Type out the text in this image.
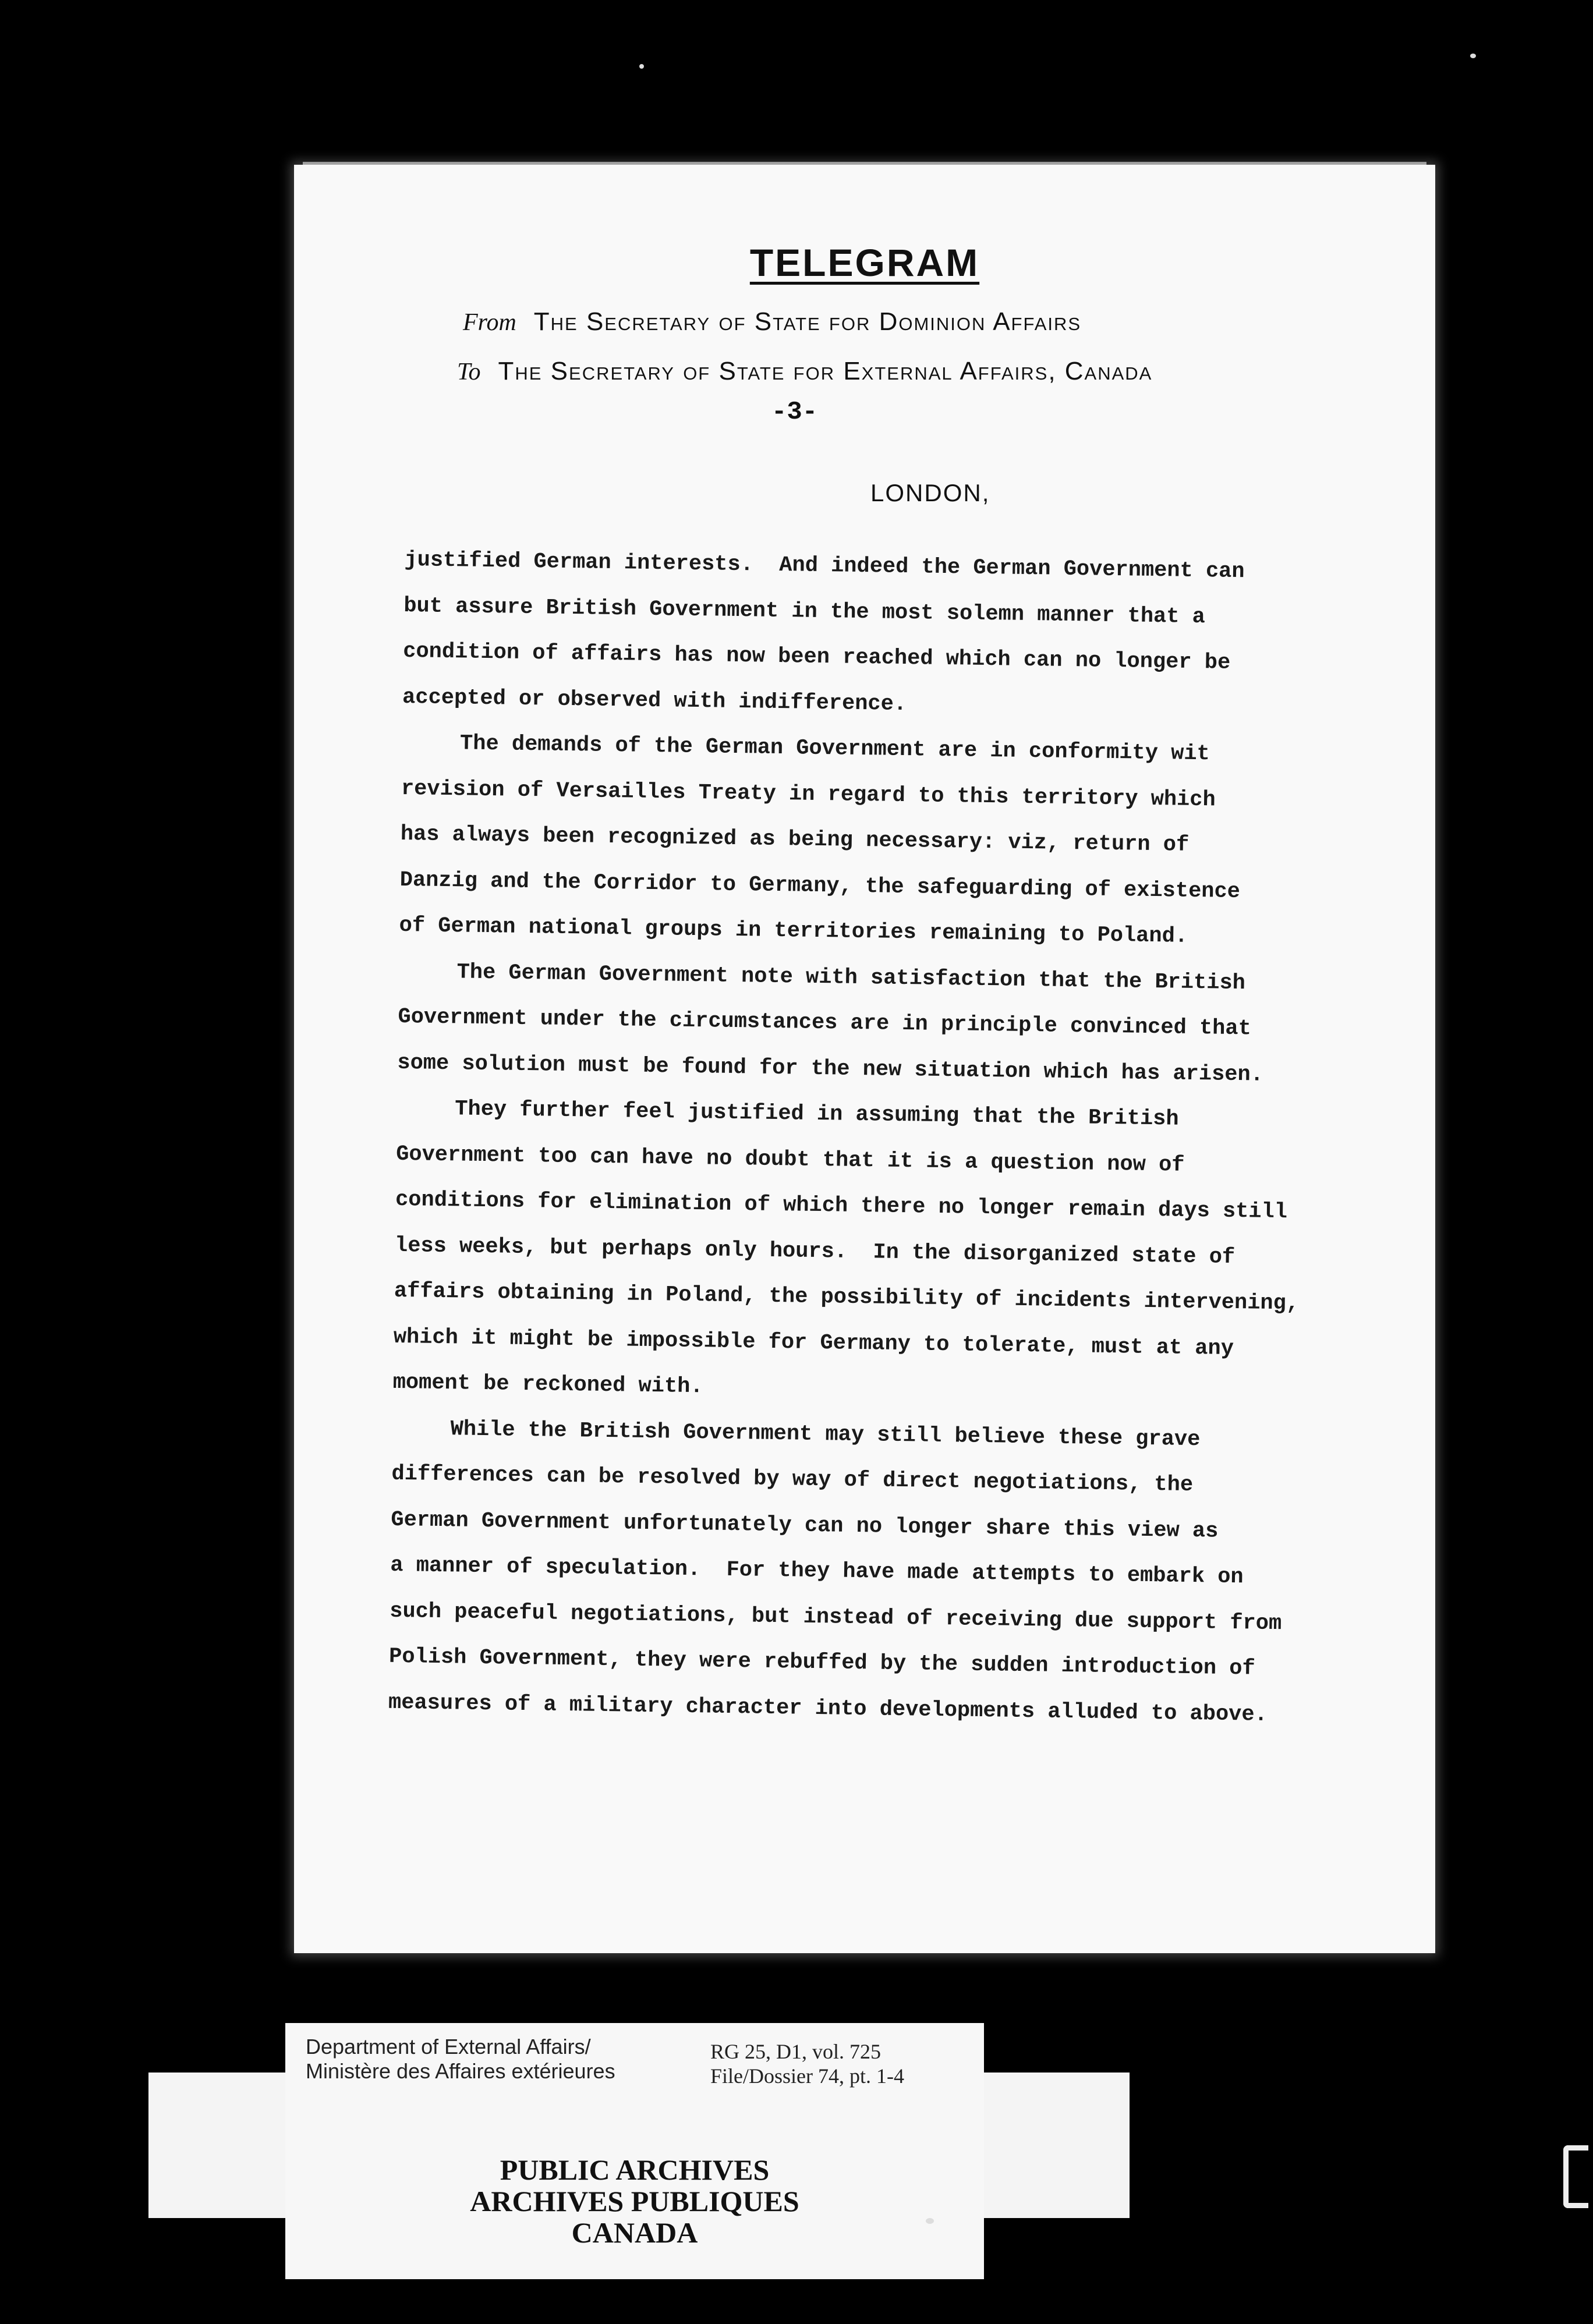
TELEGRAM
From The Secretary of State for Dominion Affairs
To The Secretary of State for External Affairs, Canada
-3-
LONDON,
justified German interests.  And indeed the German Government can
but assure British Government in the most solemn manner that a
condition of affairs has now been reached which can no longer be
accepted or observed with indifference.
The demands of the German Government are in conformity wit
revision of Versailles Treaty in regard to this territory which
has always been recognized as being necessary: viz, return of
Danzig and the Corridor to Germany, the safeguarding of existence
of German national groups in territories remaining to Poland.
The German Government note with satisfaction that the British
Government under the circumstances are in principle convinced that
some solution must be found for the new situation which has arisen.
They further feel justified in assuming that the British
Government too can have no doubt that it is a question now of
conditions for elimination of which there no longer remain days still
less weeks, but perhaps only hours.  In the disorganized state of
affairs obtaining in Poland, the possibility of incidents intervening,
which it might be impossible for Germany to tolerate, must at any
moment be reckoned with.
While the British Government may still believe these grave
differences can be resolved by way of direct negotiations, the
German Government unfortunately can no longer share this view as
a manner of speculation.  For they have made attempts to embark on
such peaceful negotiations, but instead of receiving due support from
Polish Government, they were rebuffed by the sudden introduction of
measures of a military character into developments alluded to above.
Department of External Affairs/
Ministère des Affaires extérieures
RG 25, D1, vol. 725
File/Dossier 74, pt. 1-4
PUBLIC ARCHIVES
ARCHIVES PUBLIQUES
CANADA
